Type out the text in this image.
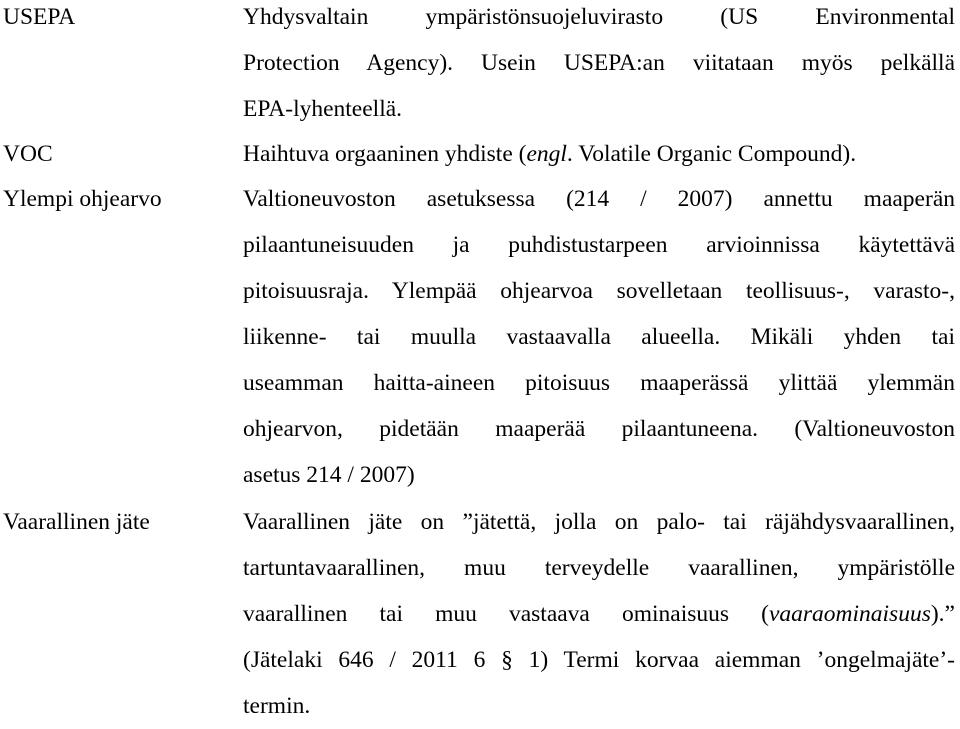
USEPA	Yhdysvaltain ympäristönsuojeluvirasto (US Environmental
Protection Agency). Usein USEPA:an viitataan myös pelkällä
EPA-lyhenteellä.
VOC	Haihtuva orgaaninen yhdiste (engl. Volatile Organic Compound).
Ylempi ohjearvo	Valtioneuvoston asetuksessa (214 / 2007) annettu maaperän
pilaantuneisuuden ja puhdistustarpeen arvioinnissa käytettävä
pitoisuusraja. Ylempää ohjearvoa sovelletaan teollisuus-, varasto-,
liikenne- tai muulla vastaavalla alueella. Mikäli yhden tai
useamman haitta-aineen pitoisuus maaperässä ylittää ylemmän
ohjearvon, pidetään maaperää pilaantuneena. (Valtioneuvoston
asetus 214 / 2007)
Vaarallinen jäte	Vaarallinen jäte on ”jätettä, jolla on palo- tai räjähdysvaarallinen,
tartuntavaarallinen, muu terveydelle vaarallinen, ympäristölle
vaarallinen tai muu vastaava ominaisuus ( vaaraominaisuus ).”
(Jätelaki 646 / 2011 6 § 1) Termi korvaa aiemman ’ongelmajäte’-
termin.
